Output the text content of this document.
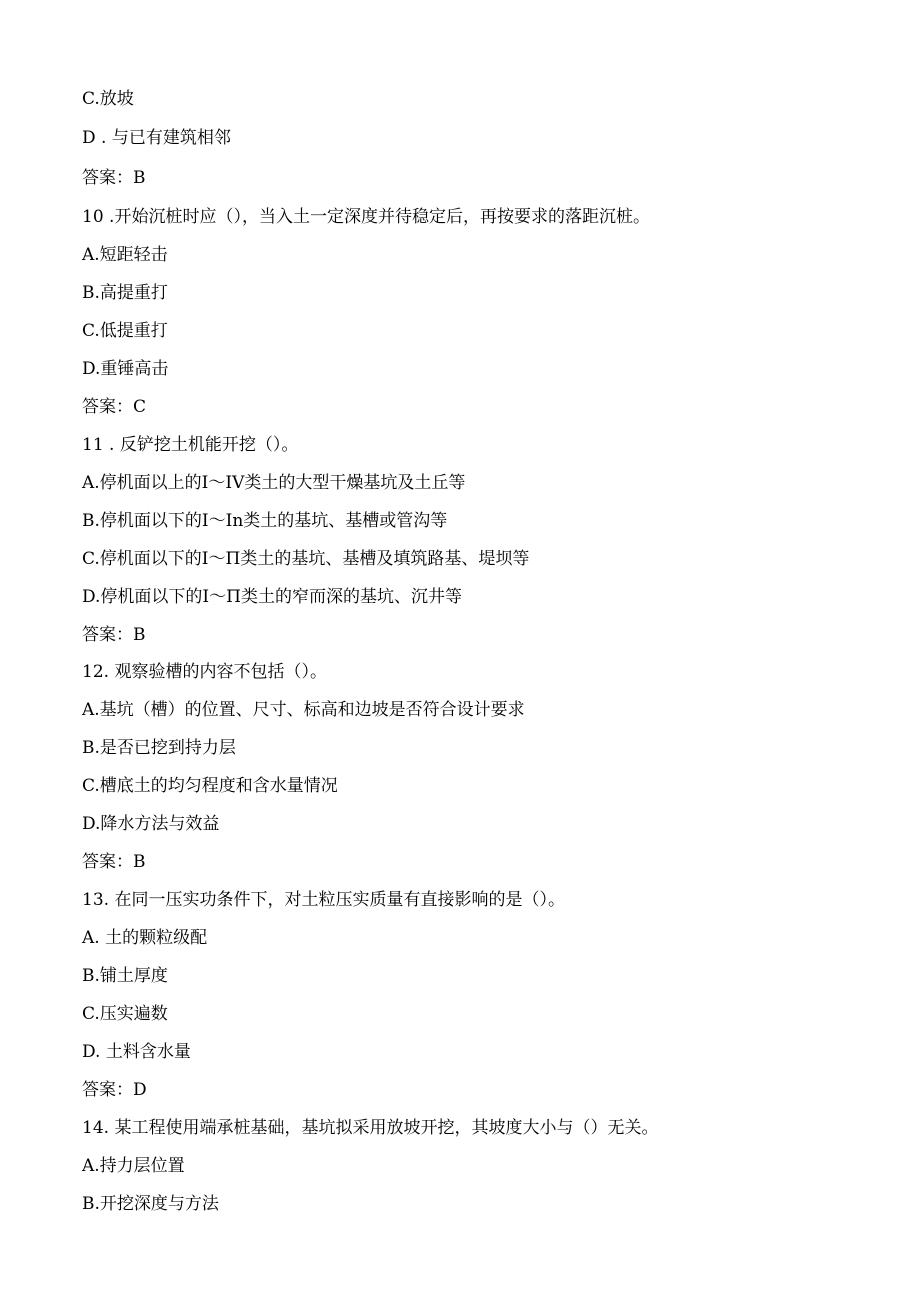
C.放坡
D . 与已有建筑相邻
答案：B
10 .开始沉桩时应（），当入土一定深度并待稳定后，再按要求的落距沉桩。
A.短距轻击
B.高提重打
C.低提重打
D.重锤高击
答案：C
11 . 反铲挖土机能开挖（）。
A.停机面以上的I～IV类土的大型干燥基坑及土丘等
B.停机面以下的I～In类土的基坑、基槽或管沟等
C.停机面以下的I～Π类土的基坑、基槽及填筑路基、堤坝等
D.停机面以下的I～Π类土的窄而深的基坑、沉井等
答案：B
12. 观察验槽的内容不包括（）。
A.基坑（槽）的位置、尺寸、标高和边坡是否符合设计要求
B.是否已挖到持力层
C.槽底土的均匀程度和含水量情况
D.降水方法与效益
答案：B
13. 在同一压实功条件下，对土粒压实质量有直接影响的是（）。
A. 土的颗粒级配
B.铺土厚度
C.压实遍数
D. 土料含水量
答案：D
14. 某工程使用端承桩基础，基坑拟采用放坡开挖，其坡度大小与（）无关。
A.持力层位置
B.开挖深度与方法
